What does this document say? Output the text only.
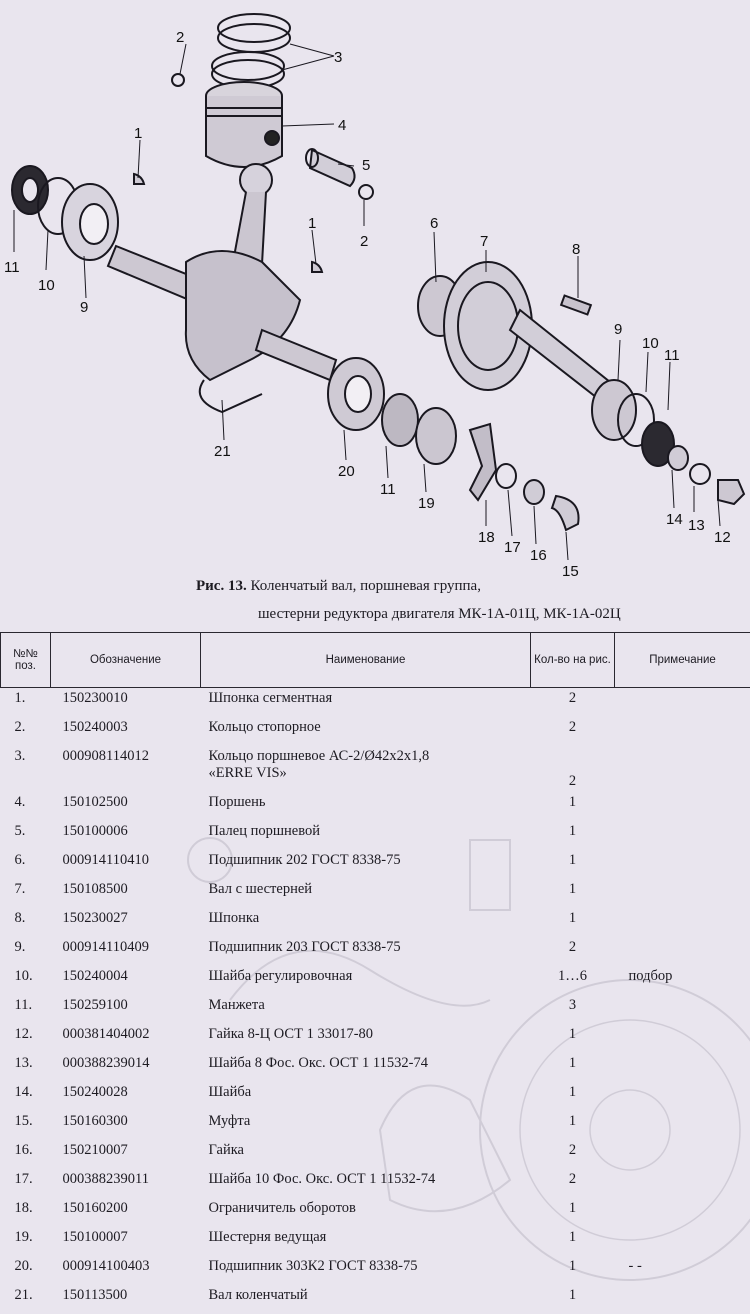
1
2
3
4
5
2
1
11
10
9
6
7	8
9
10
11
21
20
11
19
18
17 16
15
14 13
12
Рис. 13. Коленчатый вал, поршневая группа,
шестерни редуктора двигателя МК-1А-01Ц, МК-1А-02Ц
№№ поз.	Обозначение	Наименование	Кол-во на рис.	Примечание
1.	150230010	Шпонка сегментная	2	
2.	150240003	Кольцо стопорное	2	
3.	000908114012	Кольцо поршневое АС-2/Ø42х2х1,8
«ERRE VIS»	2	
4.	150102500	Поршень	1	
5.	150100006	Палец поршневой	1	
6.	000914110410	Подшипник 202 ГОСТ 8338-75	1	
7.	150108500	Вал с шестерней	1	
8.	150230027	Шпонка	1	
9.	000914110409	Подшипник 203 ГОСТ 8338-75	2	
10.	150240004	Шайба регулировочная	1…6	подбор
11.	150259100	Манжета	3	
12.	000381404002	Гайка 8-Ц ОСТ 1 33017-80	1	
13.	000388239014	Шайба 8 Фос. Окс. ОСТ 1 11532-74	1	
14.	150240028	Шайба	1	
15.	150160300	Муфта	1	
16.	150210007	Гайка	2	
17.	000388239011	Шайба 10 Фос. Окс. ОСТ 1 11532-74	2	
18.	150160200	Ограничитель оборотов	1	
19.	150100007	Шестерня ведущая	1	
20.	000914100403	Подшипник 303К2 ГОСТ 8338-75	1	- -
21.	150113500	Вал коленчатый	1	
